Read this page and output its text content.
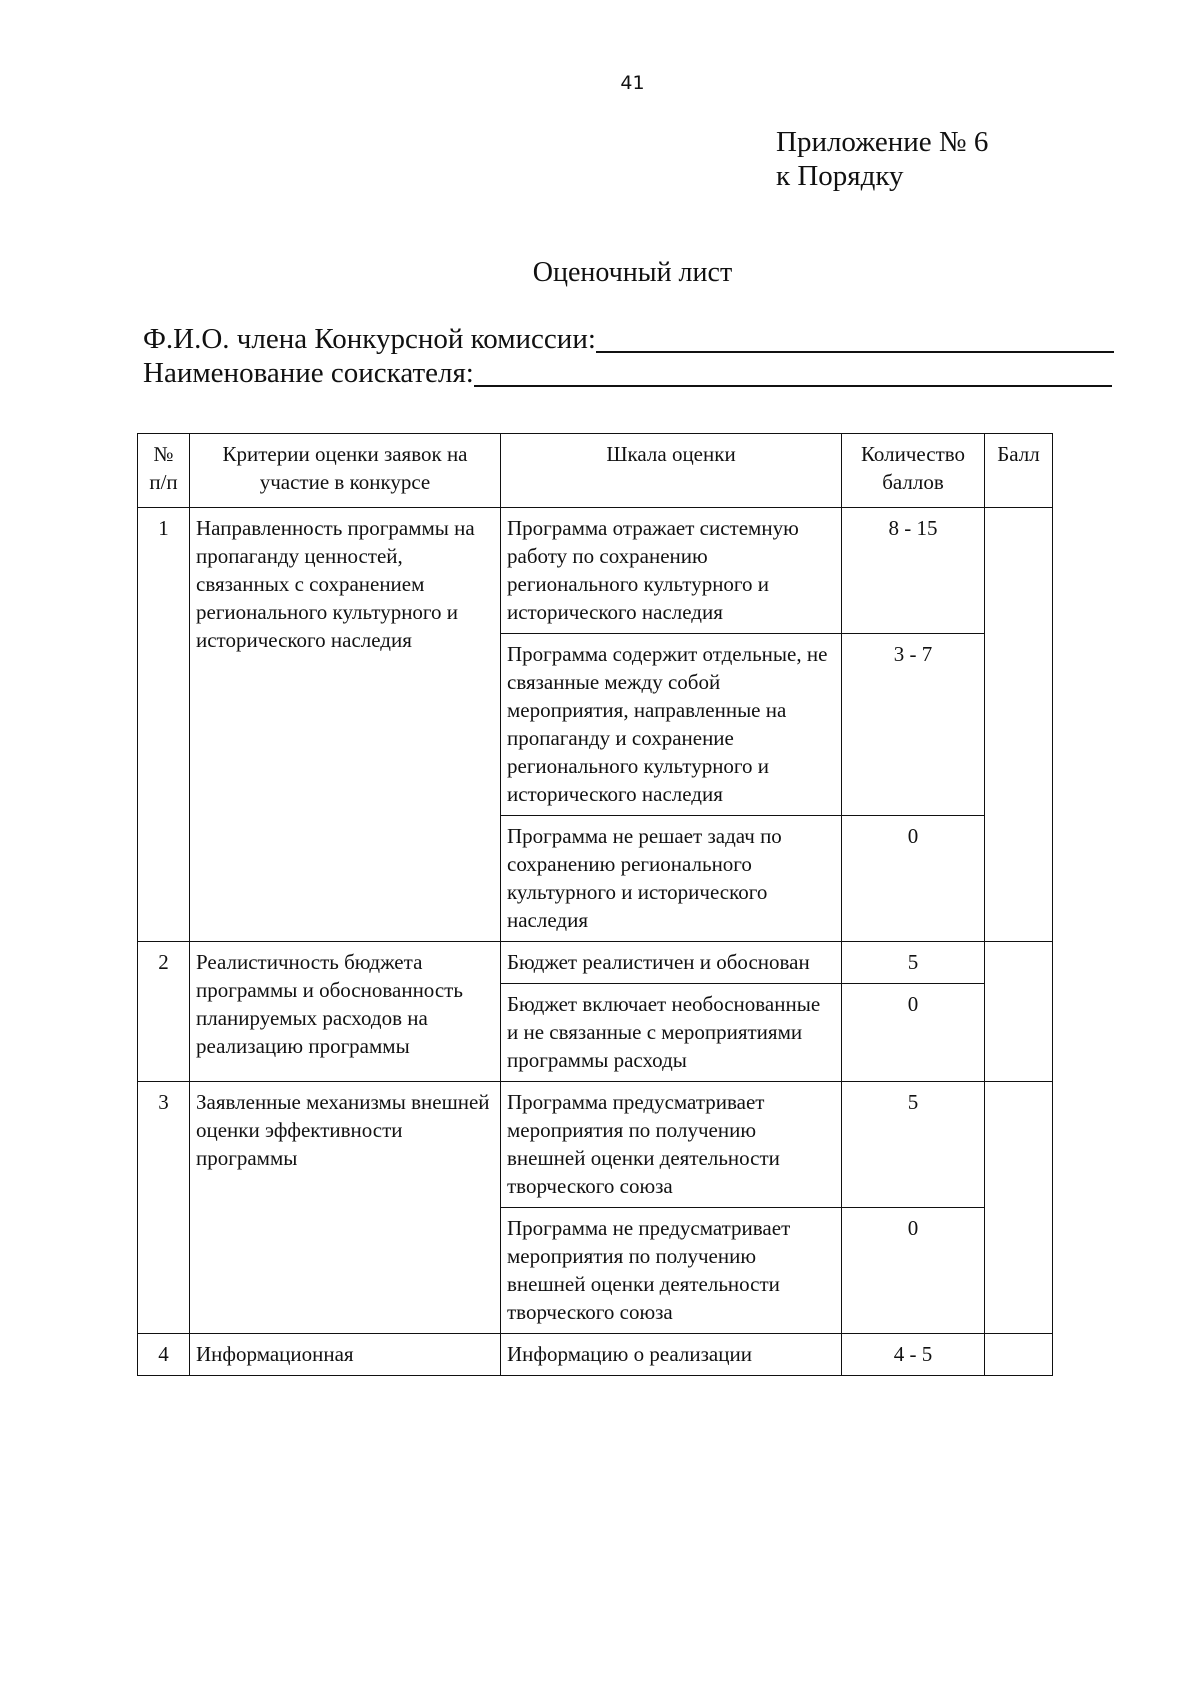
41
Приложение № 6
к Порядку
Оценочный лист
Ф.И.О. члена Конкурсной комиссии:
Наименование соискателя:
№ п/п	Критерии оценки заявок на участие в конкурсе	Шкала оценки	Количество баллов	Балл
1	Направленность программы на пропаганду ценностей, связанных с сохранением регионального культурного и исторического наследия	Программа отражает системную работу по сохранению регионального культурного и исторического наследия	8 - 15	
		Программа содержит отдельные, не связанные между собой мероприятия, направленные на пропаганду и сохранение регионального культурного и исторического наследия	3 - 7	
		Программа не решает задач по сохранению регионального культурного и исторического наследия	0	
2	Реалистичность бюджета программы и обоснованность планируемых расходов на реализацию программы	Бюджет реалистичен и обоснован	5	
		Бюджет включает необоснованные и не связанные с мероприятиями программы расходы	0	
3	Заявленные механизмы внешней оценки эффективности программы	Программа предусматривает мероприятия по получению внешней оценки деятельности творческого союза	5	
		Программа не предусматривает мероприятия по получению внешней оценки деятельности творческого союза	0	
4	Информационная	Информацию о реализации	4 - 5	
